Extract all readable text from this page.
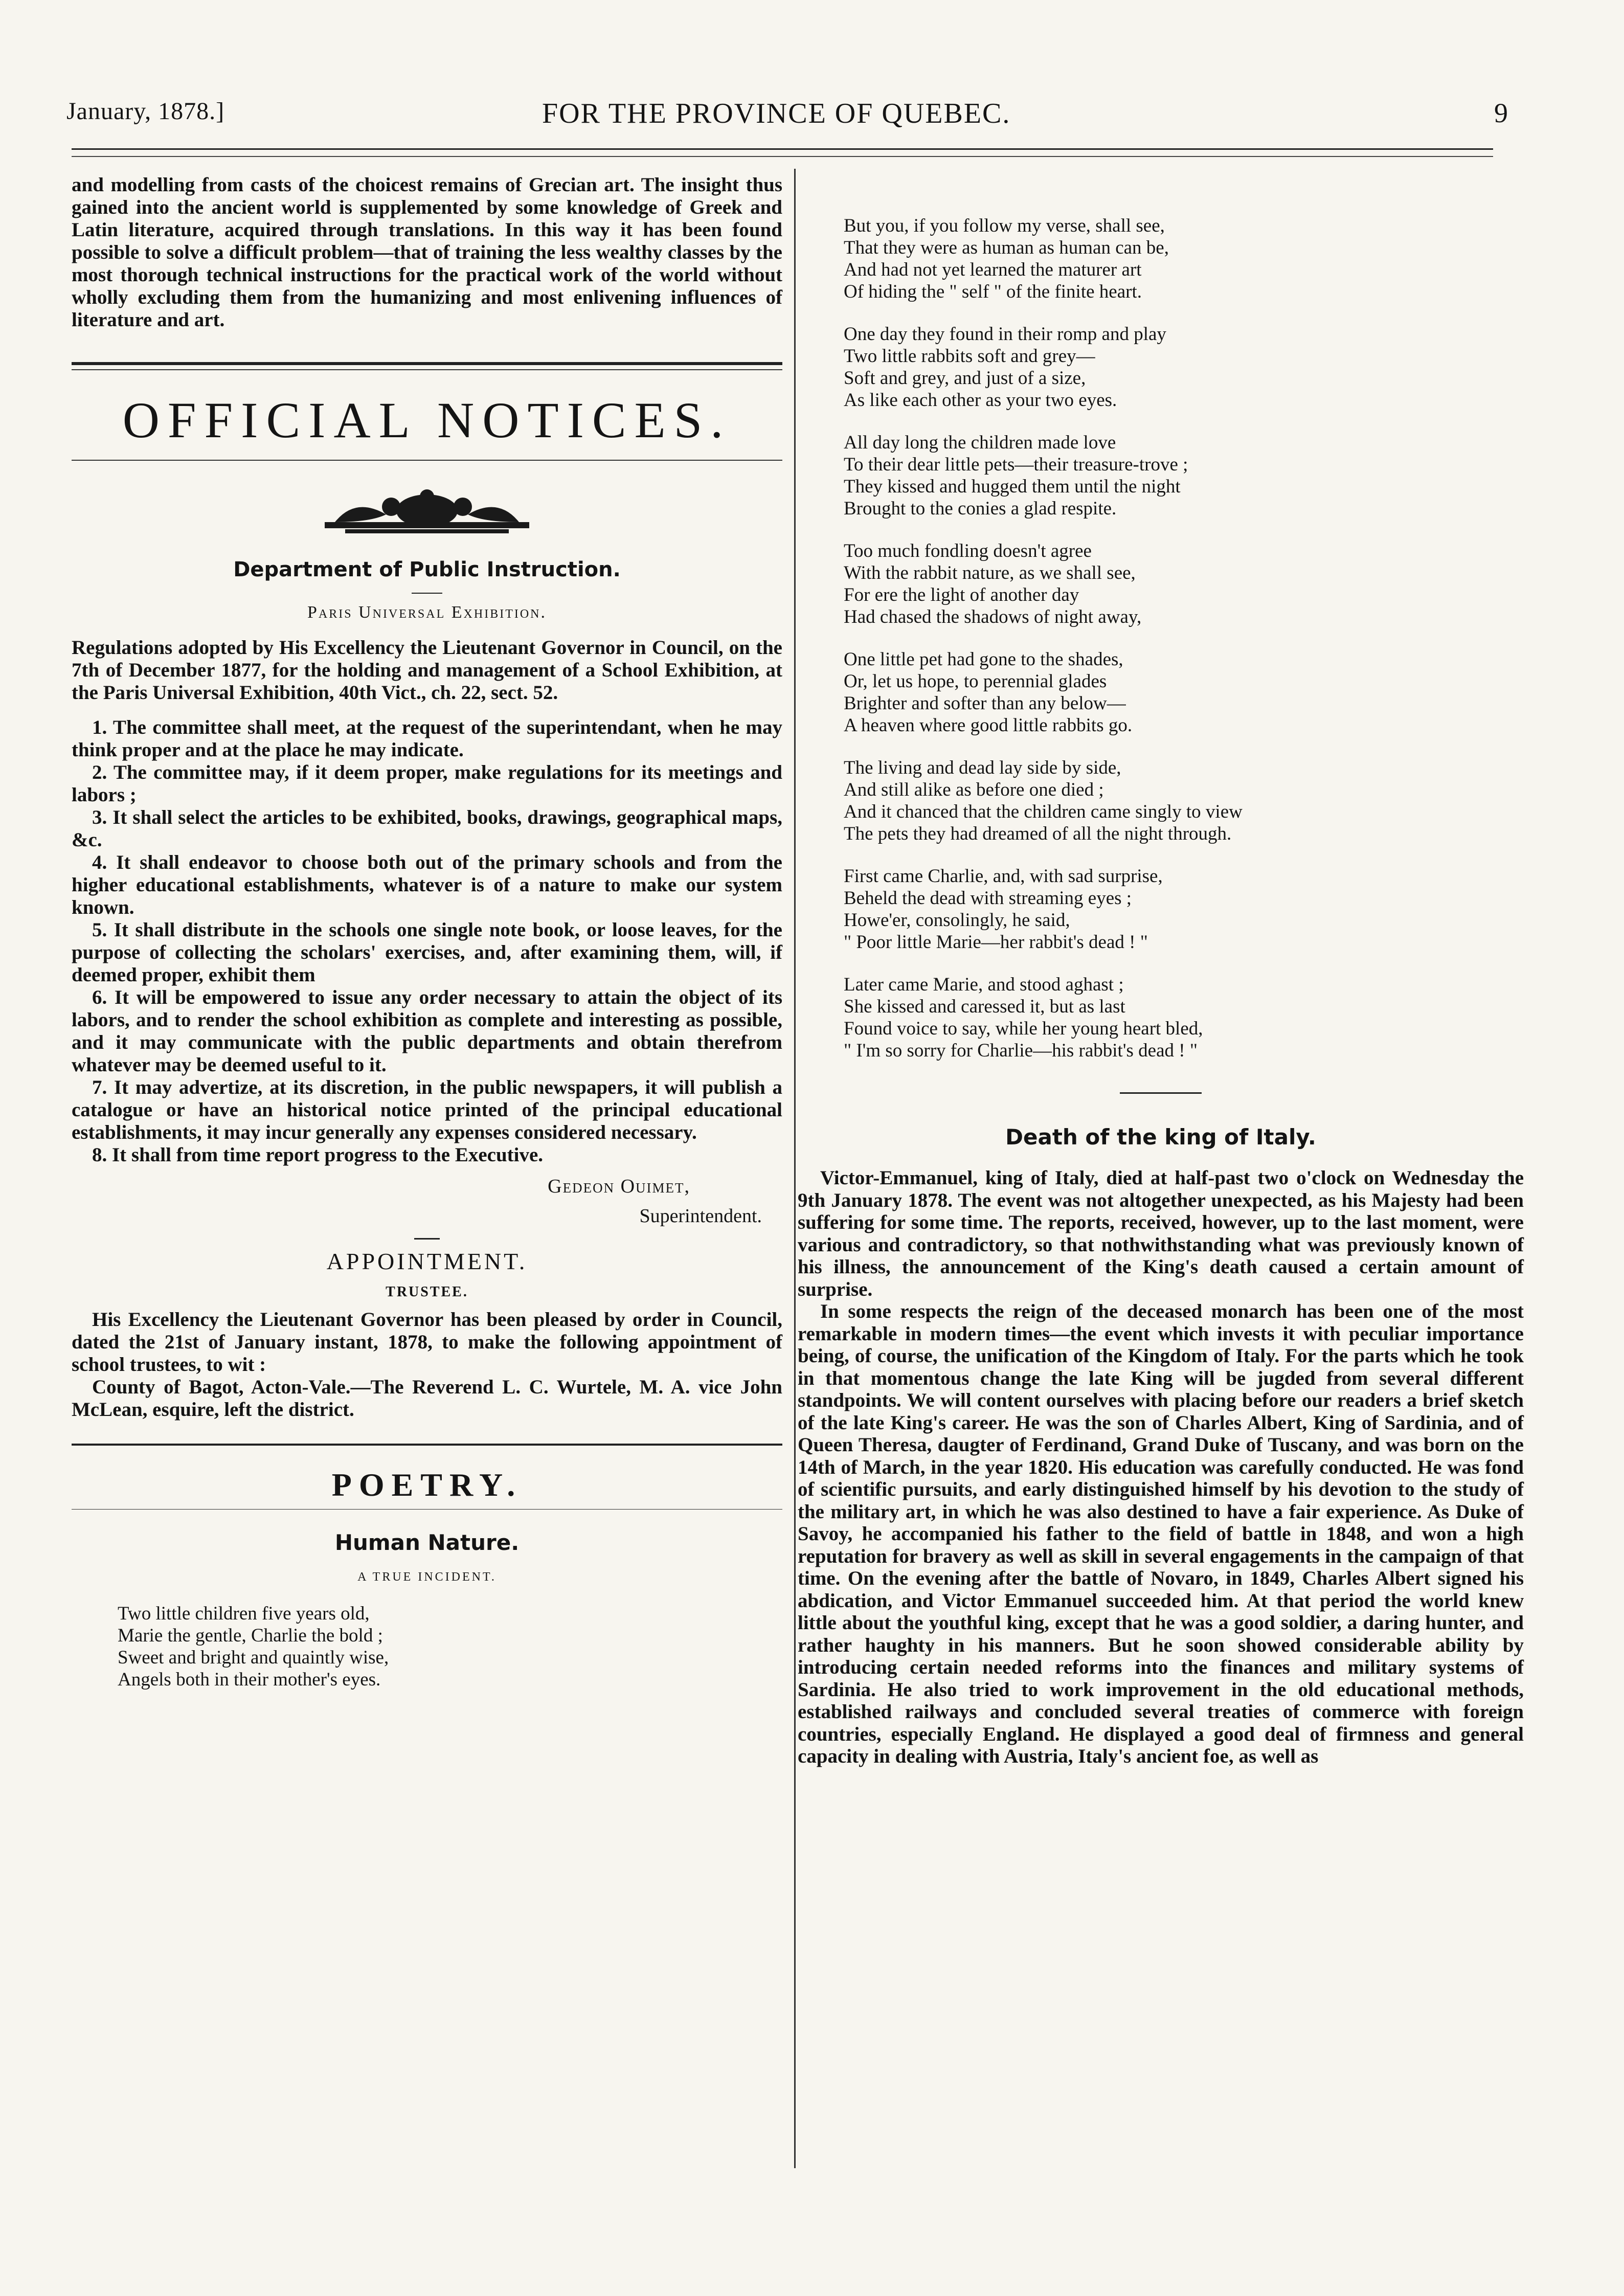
January, 1878.]	FOR THE PROVINCE OF QUEBEC.	9

and modelling from casts of the choicest remains of Grecian art. The insight thus gained into the ancient world is supplemented by some knowledge of Greek and Latin literature, acquired through translations. In this way it has been found possible to solve a difficult problem—that of training the less wealthy classes by the most thorough technical instructions for the practical work of the world without wholly excluding them from the humanizing and most enlivening influences of literature and art.

OFFICIAL NOTICES.
Department of Public Instruction.
Paris Universal Exhibition.

Regulations adopted by His Excellency the Lieutenant Governor in Council, on the 7th of December 1877, for the holding and management of a School Exhibition, at the Paris Universal Exhibition, 40th Vict., ch. 22, sect. 52.

1. The committee shall meet, at the request of the superintendant, when he may think proper and at the place he may indicate.

2. The committee may, if it deem proper, make regulations for its meetings and labors ;

3. It shall select the articles to be exhibited, books, drawings, geographical maps, &c.

4. It shall endeavor to choose both out of the primary schools and from the higher educational establishments, whatever is of a nature to make our system known.

5. It shall distribute in the schools one single note book, or loose leaves, for the purpose of collecting the scholars' exercises, and, after examining them, will, if deemed proper, exhibit them

6. It will be empowered to issue any order necessary to attain the object of its labors, and to render the school exhibition as complete and interesting as possible, and it may communicate with the public departments and obtain therefrom whatever may be deemed useful to it.

7. It may advertize, at its discretion, in the public newspapers, it will publish a catalogue or have an historical notice printed of the principal educational establishments, it may incur generally any expenses considered necessary.

8. It shall from time report progress to the Executive.

Gedeon Ouimet,
Superintendent.
APPOINTMENT.
TRUSTEE.

His Excellency the Lieutenant Governor has been pleased by order in Council, dated the 21st of January instant, 1878, to make the following appointment of school trustees, to wit :

County of Bagot, Acton-Vale.—The Reverend L. C. Wurtele, M. A. vice John McLean, esquire, left the district.

POETRY.
Human Nature.
A TRUE INCIDENT.
Two little children five years old,
Marie the gentle, Charlie the bold ;
Sweet and bright and quaintly wise,
Angels both in their mother's eyes.
But you, if you follow my verse, shall see,
That they were as human as human can be,
And had not yet learned the maturer art
Of hiding the " self " of the finite heart.
One day they found in their romp and play
Two little rabbits soft and grey—
Soft and grey, and just of a size,
As like each other as your two eyes.
All day long the children made love
To their dear little pets—their treasure-trove ;
They kissed and hugged them until the night
Brought to the conies a glad respite.
Too much fondling doesn't agree
With the rabbit nature, as we shall see,
For ere the light of another day
Had chased the shadows of night away,
One little pet had gone to the shades,
Or, let us hope, to perennial glades
Brighter and softer than any below—
A heaven where good little rabbits go.
The living and dead lay side by side,
And still alike as before one died ;
And it chanced that the children came singly to view
The pets they had dreamed of all the night through.
First came Charlie, and, with sad surprise,
Beheld the dead with streaming eyes ;
Howe'er, consolingly, he said,
" Poor little Marie—her rabbit's dead ! "
Later came Marie, and stood aghast ;
She kissed and caressed it, but as last
Found voice to say, while her young heart bled,
" I'm so sorry for Charlie—his rabbit's dead ! "
Death of the king of Italy.

Victor-Emmanuel, king of Italy, died at half-past two o'clock on Wednesday the 9th January 1878. The event was not altogether unexpected, as his Majesty had been suffering for some time. The reports, received, however, up to the last moment, were various and contradictory, so that nothwithstanding what was previously known of his illness, the announcement of the King's death caused a certain amount of surprise.

In some respects the reign of the deceased monarch has been one of the most remarkable in modern times—the event which invests it with peculiar importance being, of course, the unification of the Kingdom of Italy. For the parts which he took in that momentous change the late King will be jugded from several different standpoints. We will content ourselves with placing before our readers a brief sketch of the late King's career. He was the son of Charles Albert, King of Sardinia, and of Queen Theresa, daugter of Ferdinand, Grand Duke of Tuscany, and was born on the 14th of March, in the year 1820. His education was carefully conducted. He was fond of scientific pursuits, and early distinguished himself by his devotion to the study of the military art, in which he was also destined to have a fair experience. As Duke of Savoy, he accompanied his father to the field of battle in 1848, and won a high reputation for bravery as well as skill in several engagements in the campaign of that time. On the evening after the battle of Novaro, in 1849, Charles Albert signed his abdication, and Victor Emmanuel succeeded him. At that period the world knew little about the youthful king, except that he was a good soldier, a daring hunter, and rather haughty in his manners. But he soon showed considerable ability by introducing certain needed reforms into the finances and military systems of Sardinia. He also tried to work improvement in the old educational methods, established railways and concluded several treaties of commerce with foreign countries, especially England. He displayed a good deal of firmness and general capacity in dealing with Austria, Italy's ancient foe, as well as
